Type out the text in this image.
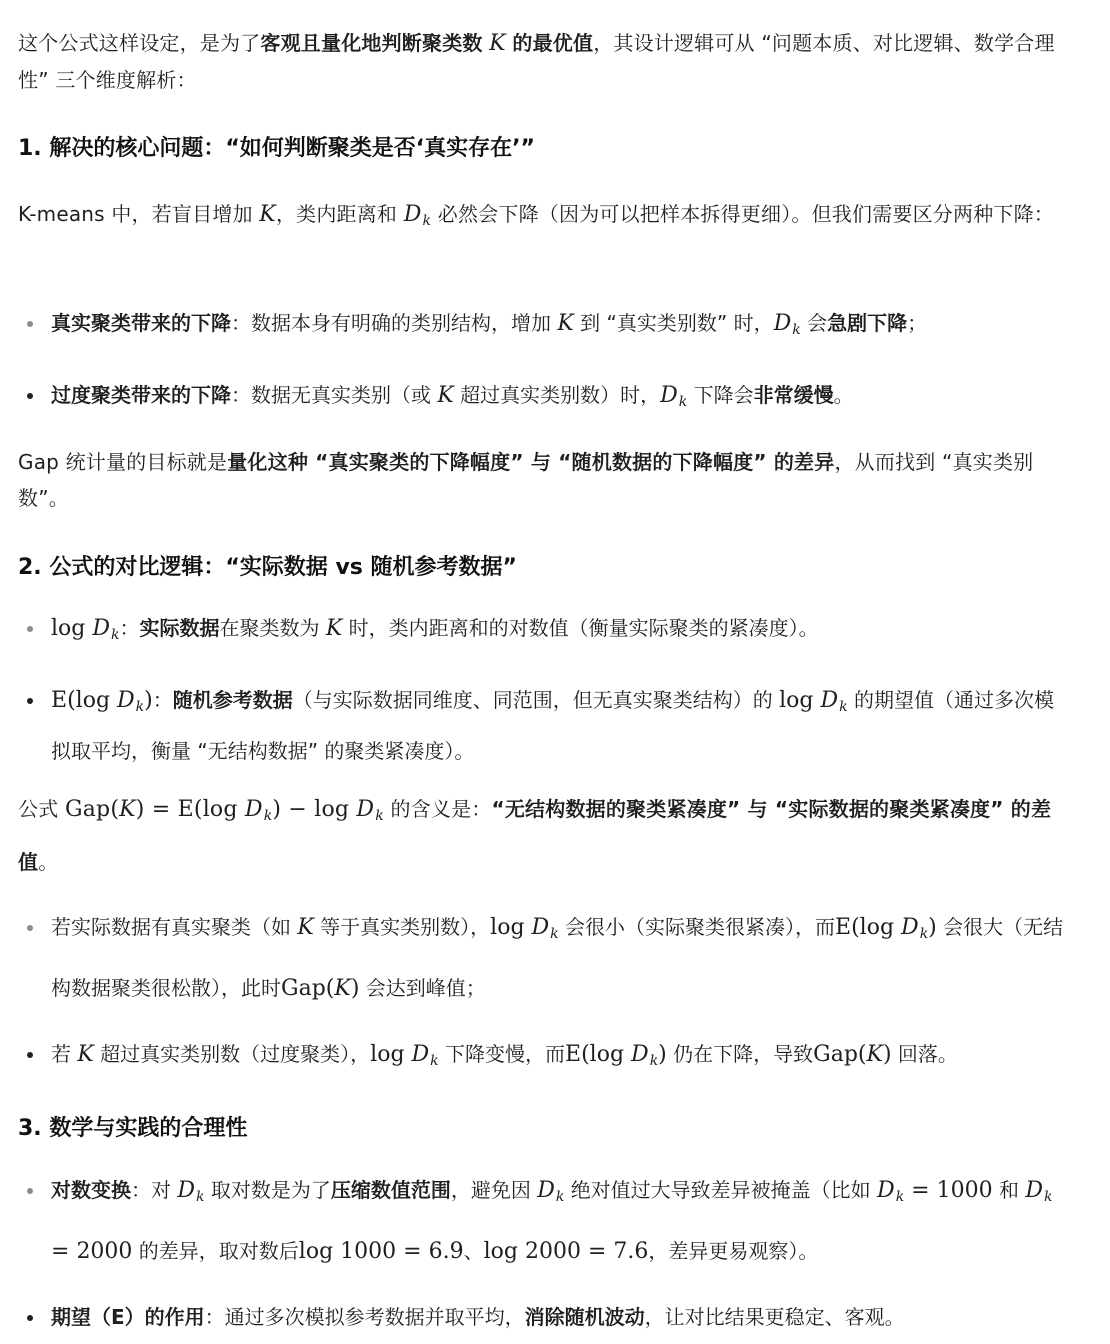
这个公式这样设定，是为了客观且量化地判断聚类数 K 的最优值，其设计逻辑可从 “问题本质、对比逻辑、数学合理性” 三个维度解析：

1. 解决的核心问题：“如何判断聚类是否‘真实存在’”

K-means 中，若盲目增加 K，类内距离和 $D_k$ 必然会下降（因为可以把样本拆得更细）。但我们需要区分两种下降：

真实聚类带来的下降：数据本身有明确的类别结构，增加 K 到 “真实类别数” 时，$D_k$ 会急剧下降；
过度聚类带来的下降：数据无真实类别（或 K 超过真实类别数）时，$D_k$ 下降会非常缓慢。

Gap 统计量的目标就是量化这种 “真实聚类的下降幅度” 与 “随机数据的下降幅度” 的差异，从而找到 “真实类别数”。

2. 公式的对比逻辑：“实际数据 vs 随机参考数据”
$\log D_k$：实际数据在聚类数为 K 时，类内距离和的对数值（衡量实际聚类的紧凑度）。
E(log $D_k$)：随机参考数据（与实际数据同维度、同范围，但无真实聚类结构）的 $\log D_k$ 的期望值（通过多次模拟取平均，衡量 “无结构数据” 的聚类紧凑度）。

公式 Gap(K) = E(log $D_k) - \log D_k$ 的含义是：“无结构数据的聚类紧凑度” 与 “实际数据的聚类紧凑度” 的差值。

若实际数据有真实聚类（如 K 等于真实类别数），$\log D_k$ 会很小（实际聚类很紧凑），而E(log $D_k$) 会很大（无结构数据聚类很松散），此时Gap(K) 会达到峰值；
若 K 超过真实类别数（过度聚类），$\log D_k$ 下降变慢，而E(log $D_k$) 仍在下降，导致Gap(K) 回落。
3. 数学与实践的合理性
对数变换：对 $D_k$ 取对数是为了压缩数值范围，避免因 $D_k$ 绝对值过大导致差异被掩盖（比如 $D_k = 1000$ 和 $D_k = 2000$ 的差异，取对数后log 1000 = 6.9、log 2000 = 7.6，差异更易观察）。
期望（E）的作用：通过多次模拟参考数据并取平均，消除随机波动，让对比结果更稳定、客观。
